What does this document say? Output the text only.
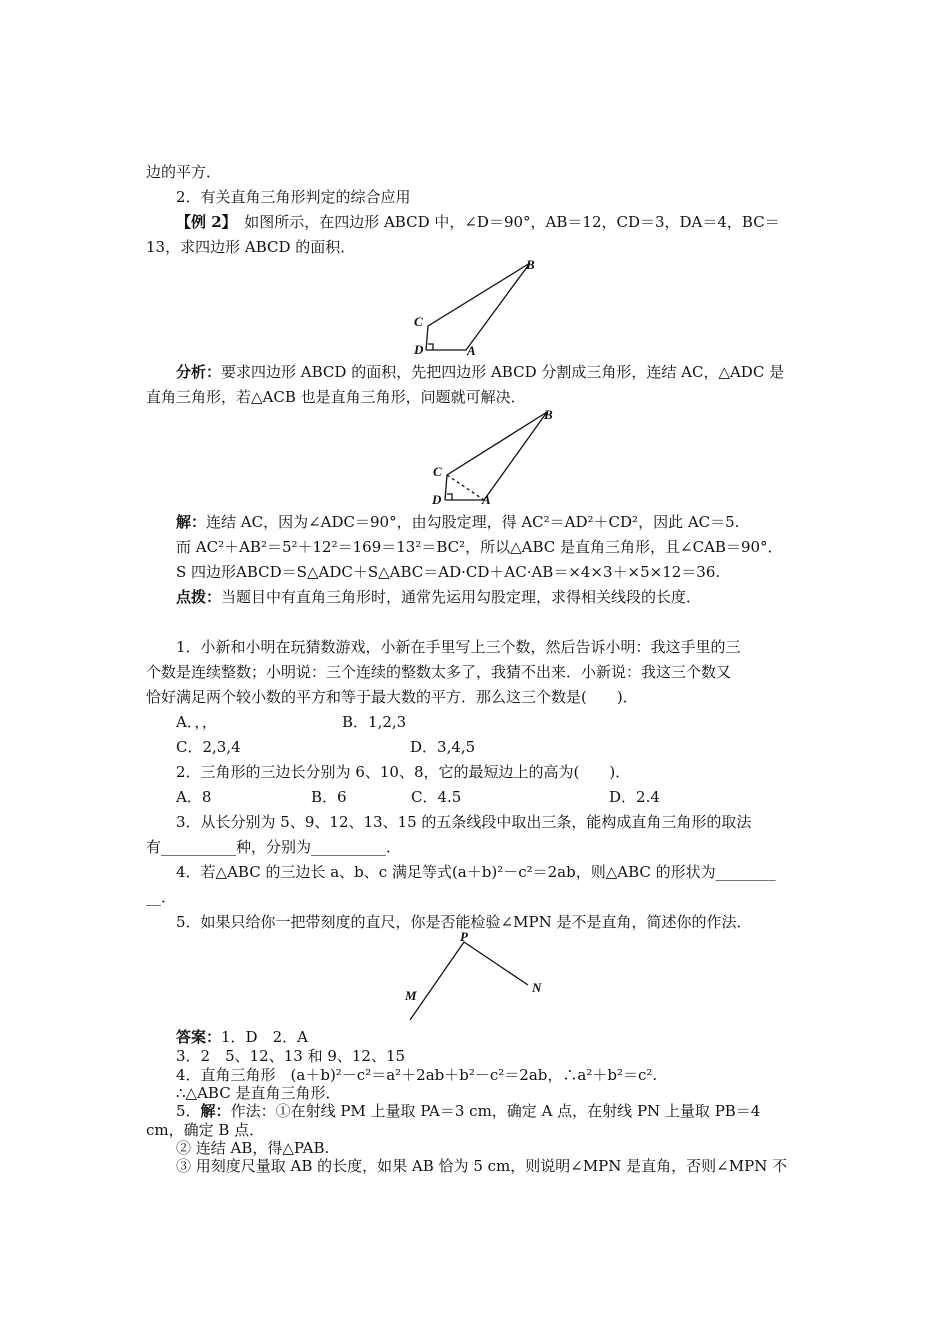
边的平方．
2．有关直角三角形判定的综合应用
【例 2】　 如图所示，在四边形 ABCD 中，∠D＝90°，AB＝12，CD＝3，DA＝4，BC＝
13，求四边形 ABCD 的面积．
B
C
D	A
分析：要求四边形 ABCD 的面积，先把四边形 ABCD 分割成三角形，连结 AC，△ADC 是
直角三角形，若△ACB 也是直角三角形，问题就可解决．
B
C
D	A
解：连结 AC，因为∠ADC＝90°，由勾股定理，得 AC²＝AD²＋CD²，因此 AC＝5.
而 AC²＋AB²＝5²＋12²＝169＝13²＝BC²，所以△ABC 是直角三角形，且∠CAB＝90°．
S 四边形ABCD＝S△ADC＋S△ABC＝AD·CD＋AC·AB＝×4×3＋×5×12＝36.
点拨：当题目中有直角三角形时，通常先运用勾股定理，求得相关线段的长度．
1．小新和小明在玩猜数游戏，小新在手里写上三个数，然后告诉小明：我这手里的三
个数是连续整数；小明说：三个连续的整数太多了，我猜不出来．小新说：我这三个数又
恰好满足两个较小数的平方和等于最大数的平方．那么这三个数是(　　)．
A．，，	B．1,2,3
C．2,3,4	D．3,4,5
2．三角形的三边长分别为 6、10、8，它的最短边上的高为(　　)．
A．8	B．6	C．4.5	D．2.4
3．从长分别为 5、9、12、13、15 的五条线段中取出三条，能构成直角三角形的取法
有__________种，分别为__________．
4．若△ABC 的三边长 a、b、c 满足等式(a＋b)²－c²＝2ab，则△ABC 的形状为________
__．
5．如果只给你一把带刻度的直尺，你是否能检验∠MPN 是不是直角，简述你的作法．
P
N
M
答案：1．D　2．A
3．2　5、12、13 和 9、12、15
4．直角三角形　(a＋b)²－c²＝a²＋2ab＋b²－c²＝2ab，∴a²＋b²＝c².
∴△ABC 是直角三角形．
5．解：作法：①在射线 PM 上量取 PA＝3 cm，确定 A 点，在射线 PN 上量取 PB＝4
cm，确定 B 点．
② 连结 AB，得△PAB.
③ 用刻度尺量取 AB 的长度，如果 AB 恰为 5 cm，则说明∠MPN 是直角，否则∠MPN 不
